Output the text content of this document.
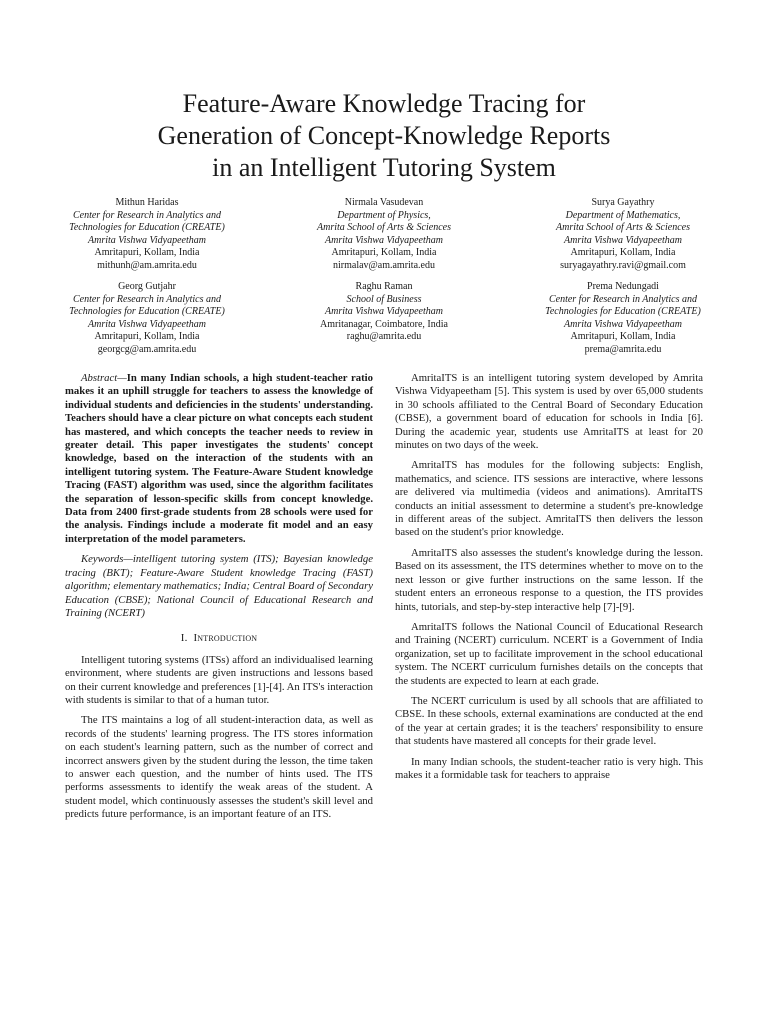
Feature-Aware Knowledge Tracing for
Generation of Concept-Knowledge Reports
in an Intelligent Tutoring System
Mithun Haridas
Center for Research in Analytics and
Technologies for Education (CREATE)
Amrita Vishwa Vidyapeetham
Amritapuri, Kollam, India
mithunh@am.amrita.edu
Nirmala Vasudevan
Department of Physics,
Amrita School of Arts & Sciences
Amrita Vishwa Vidyapeetham
Amritapuri, Kollam, India
nirmalav@am.amrita.edu
Surya Gayathry
Department of Mathematics,
Amrita School of Arts & Sciences
Amrita Vishwa Vidyapeetham
Amritapuri, Kollam, India
suryagayathry.ravi@gmail.com
Georg Gutjahr
Center for Research in Analytics and
Technologies for Education (CREATE)
Amrita Vishwa Vidyapeetham
Amritapuri, Kollam, India
georgcg@am.amrita.edu
Raghu Raman
School of Business
Amrita Vishwa Vidyapeetham
Amritanagar, Coimbatore, India
raghu@amrita.edu
Prema Nedungadi
Center for Research in Analytics and
Technologies for Education (CREATE)
Amrita Vishwa Vidyapeetham
Amritapuri, Kollam, India
prema@amrita.edu

Abstract—In many Indian schools, a high student-teacher ratio makes it an uphill struggle for teachers to assess the knowledge of individual students and deficiencies in the students' understanding. Teachers should have a clear picture on what concepts each student has mastered, and which concepts the teacher needs to review in greater detail. This paper investigates the students' concept knowledge, based on the interaction of the students with an intelligent tutoring system. The Feature-Aware Student knowledge Tracing (FAST) algorithm was used, since the algorithm facilitates the separation of lesson-specific skills from concept knowledge. Data from 2400 first-grade students from 28 schools were used for the analysis. Findings include a moderate fit model and an easy interpretation of the model parameters.

Keywords—intelligent tutoring system (ITS); Bayesian knowledge tracing (BKT); Feature-Aware Student knowledge Tracing (FAST) algorithm; elementary mathematics; India; Central Board of Secondary Education (CBSE); National Council of Educational Research and Training (NCERT)

I. Introduction

Intelligent tutoring systems (ITSs) afford an individualised learning environment, where students are given instructions and lessons based on their current knowledge and preferences [1]-[4]. An ITS's interaction with students is similar to that of a human tutor.

The ITS maintains a log of all student-interaction data, as well as records of the students' learning progress. The ITS stores information on each student's learning pattern, such as the number of correct and incorrect answers given by the student during the lesson, the time taken to answer each question, and the number of hints used. The ITS performs assessments to identify the weak areas of the student. A student model, which continuously assesses the student's skill level and predicts future performance, is an important feature of an ITS.

AmritaITS is an intelligent tutoring system developed by Amrita Vishwa Vidyapeetham [5]. This system is used by over 65,000 students in 30 schools affiliated to the Central Board of Secondary Education (CBSE), a government board of education for schools in India [6]. During the academic year, students use AmritaITS at least for 20 minutes on two days of the week.

AmritaITS has modules for the following subjects: English, mathematics, and science. ITS sessions are interactive, where lessons are delivered via multimedia (videos and animations). AmritaITS conducts an initial assessment to determine a student's pre-knowledge in different areas of the subject. AmritaITS then delivers the lesson based on the student's prior knowledge.

AmritaITS also assesses the student's knowledge during the lesson. Based on its assessment, the ITS determines whether to move on to the next lesson or give further instructions on the same lesson. If the student enters an erroneous response to a question, the ITS provides hints, tutorials, and step-by-step interactive help [7]-[9].

AmritaITS follows the National Council of Educational Research and Training (NCERT) curriculum. NCERT is a Government of India organization, set up to facilitate improvement in the school educational system. The NCERT curriculum furnishes details on the concepts that the students are expected to learn at each grade.

The NCERT curriculum is used by all schools that are affiliated to CBSE. In these schools, external examinations are conducted at the end of the year at certain grades; it is the teachers' responsibility to ensure that students have mastered all concepts for their grade level.

In many Indian schools, the student-teacher ratio is very high. This makes it a formidable task for teachers to appraise
